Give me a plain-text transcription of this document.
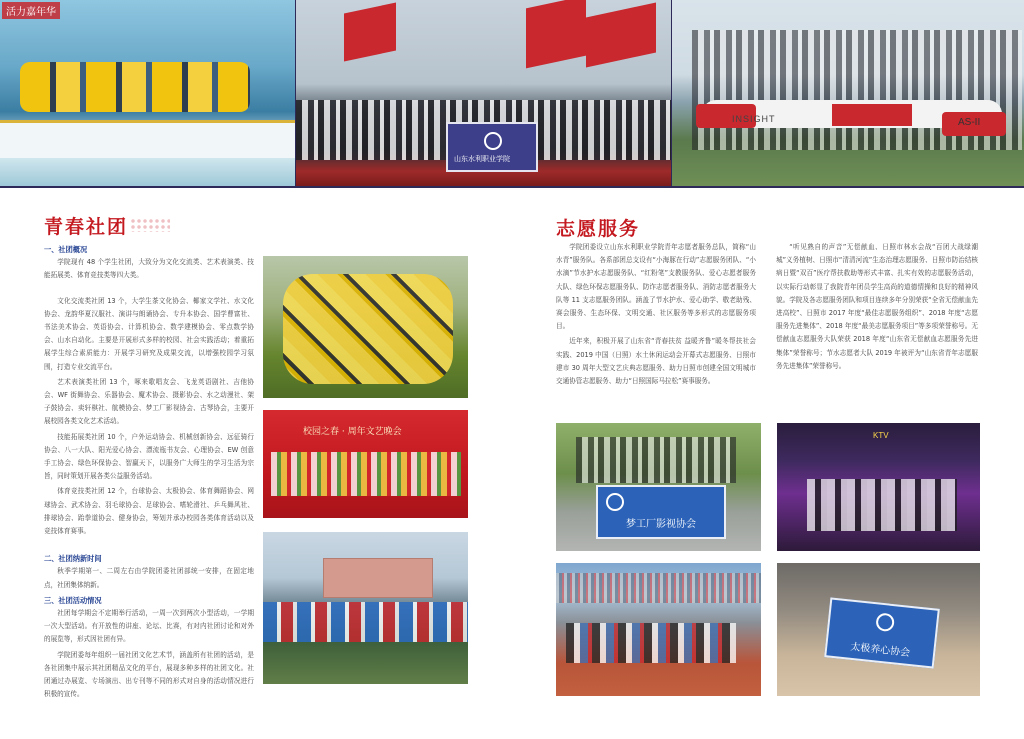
活力嘉年华
山东水利职业学院
INSIGHT	AS-II
青春社团
一、社团概况

学院现有 48 个学生社团，大致分为文化交流类、艺术表演类、技能拓展类、体育竞技类等四大类。

文化交流类社团 13 个，大学生茶文化协会、椰家文学社、水文化协会、龙韵华夏汉服社、演讲与朗诵协会、专升本协会、国学曹富社、书法美术协会、英语协会、计算机协会、数学建模协会、零点数学协会、山水自动化。主要是开展形式多样的校园、社会实践活动；着重拓展学生综合素质能力：开展学习研究及成果交流，以增强校园学习氛围，打造专业交流平台。

艺术表演类社团 13 个，啄来歌唱友会、飞龙英语剧社、吉他协会、WF 街舞协会、乐器协会、魔术协会、摄影协会、水之动漫社、架子鼓协会、卖轩棋社、航模协会、梦工厂影视协会、古琴协会，主要开展校园各类文化艺术活动。

技能拓展类社团 10 个，户外运动协会、机械创新协会、远征骑行协会、八一大队、阳光爱心协会、漂流瓶书友会、心理协会、EW 创意手工协会、绿色环保协会、智赢天下，以服务广大师生的学习生活为宗旨，同时策划开展各类公益服务活动。

体育竞技类社团 12 个，台球协会、太极协会、体育舞蹈协会、网球协会、武术协会、羽毛球协会、足球协会、嗜轮滑社、乒乓舞风社、排球协会、跆拳道协会、健身协会，筹划并承办校园各类体育活动以及竞技体育赛事。

二、社团纳新时间

秋季学期第一、二周左右由学院团委社团部统一安排，在固定地点，社团集体纳新。

三、社团活动情况

社团每学期会不定期举行活动，一周一次到两次小型活动，一学期一次大型活动。有开放性的讲座、论坛、比赛，有对内社团讨论和对外的展览等，形式因社团有异。

学院团委每年组织一届社团文化艺术节，涵盖所有社团的活动，是各社团集中展示其社团精品文化的平台，展现多种多样的社团文化。社团通过办展览、专场演出、出专刊等不同的形式对自身的活动情况进行积极的宣传。

校园之春 · 周年文艺晚会
志愿服务

学院团委设立山东水利职业学院青年志愿者服务总队，简称“山水青”服务队。各系部团总支设有“小海豚在行动”志愿服务团队、“小水滴”节水护水志愿服务队、“红粉笔”支教服务队、爱心志愿者服务大队、绿色环保志愿服务队、防诈志愿者服务队、消防志愿者服务大队等 11 支志愿服务团队。涵盖了节水护水、爱心助学、敬老助残、赛会服务、生态环保、文明交通、社区服务等多形式的志愿服务项目。

近年来，积极开展了山东省“青春扶贫 益暖齐鲁”暖冬帮扶社会实践、2019 中国（日照）水土休闲运动会开幕式志愿服务、日照市建市 30 周年大型文艺庆典志愿服务、助力日照市创建全国文明城市交通协管志愿服务、助力“日照国际马拉松”赛事服务。

“听见熟自的声音”无偿献血、日照市林水会战“百团大战绿潮城”义务植树、日照市“清清河流”生态治理志愿服务、日照市防治结核病日暨“双百”医疗帮扶救助等形式丰富、扎实有效的志愿服务活动，以实际行动彰显了我院青年团员学生高尚的道德情操和良好的精神风貌。学院及各志愿服务团队和项目连续多年分别荣获“全省无偿献血先进高校”、日照市 2017 年度“最佳志愿服务组织”、2018 年度“志愿服务先进集体”、2018 年度“最美志愿服务项目”等多项荣誉称号。无偿献血志愿服务大队荣获 2018 年度“山东省无偿献血志愿服务先进集体”荣誉称号；节水志愿者大队 2019 年被评为“山东省青年志愿服务先进集体”荣誉称号。

梦工厂影视协会
KTV
太极养心协会
